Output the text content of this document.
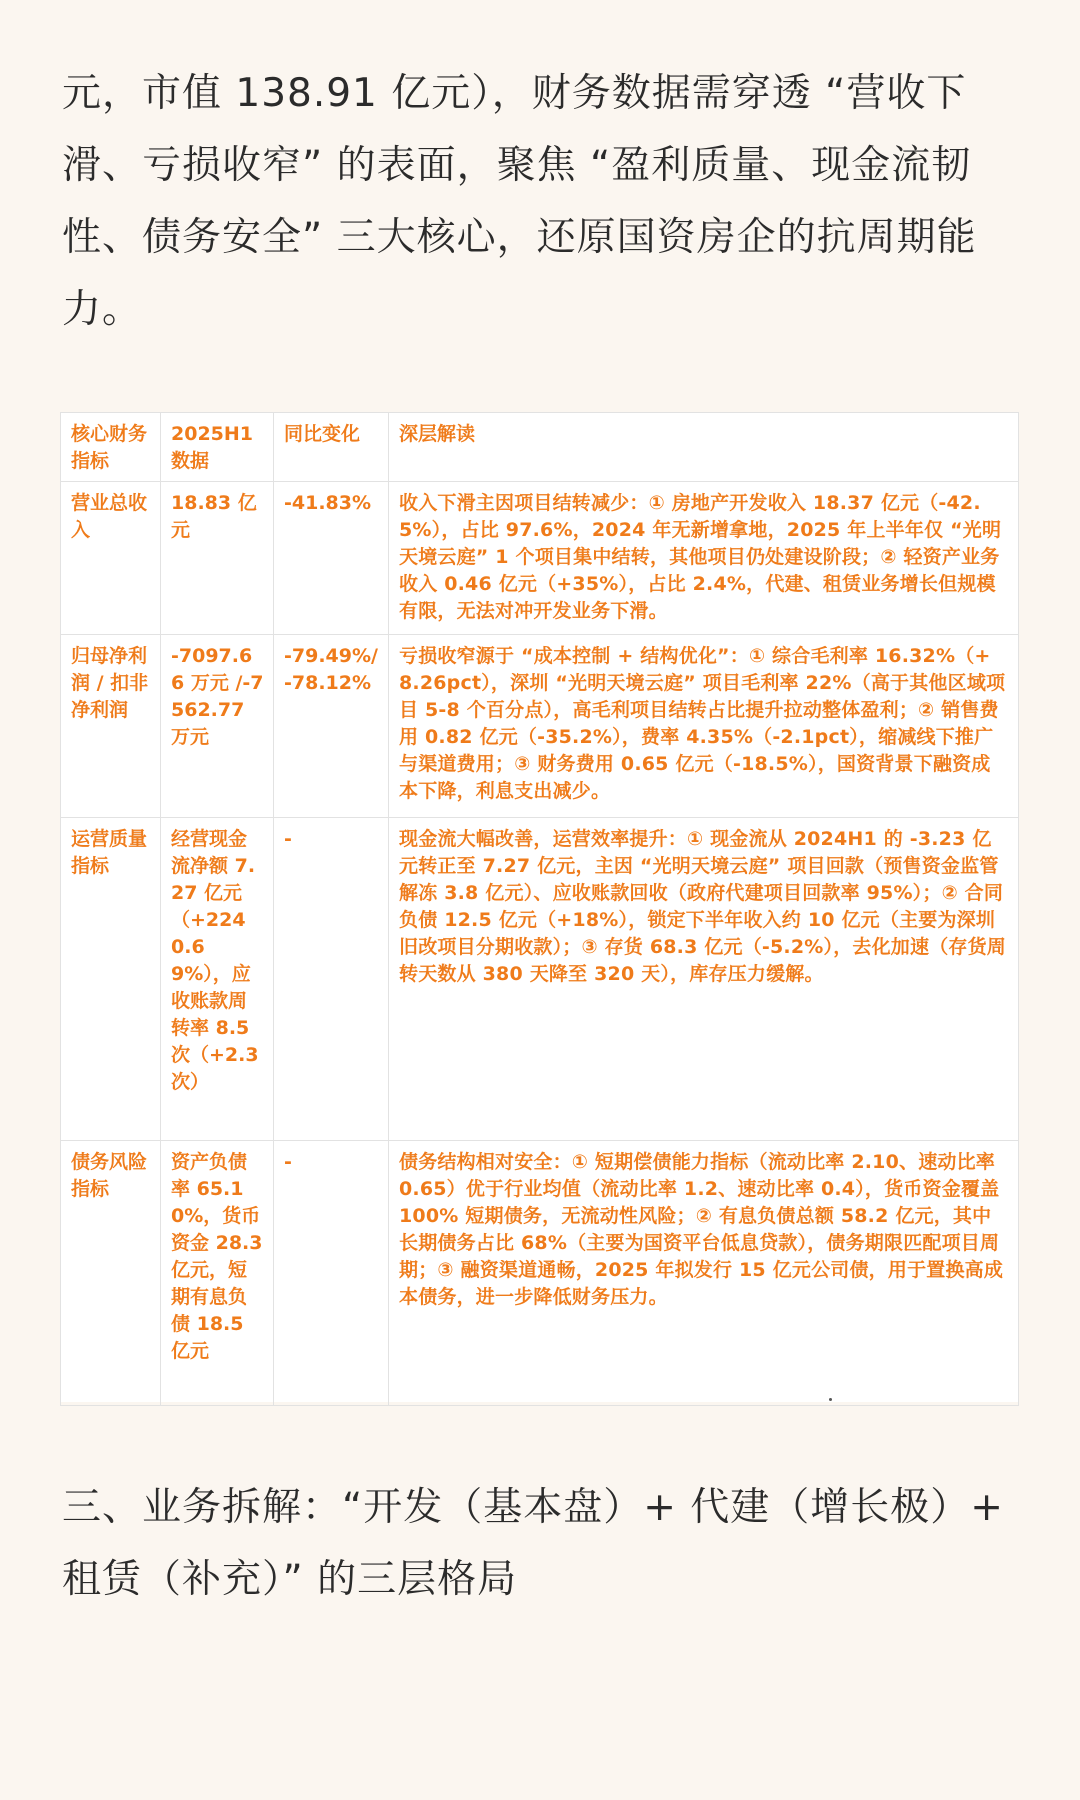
元，市值 138.91 亿元），财务数据需穿透 “营收下滑、亏损收窄” 的表面，聚焦 “盈利质量、现金流韧性、债务安全” 三大核心，还原国资房企的抗周期能力。

核心财务指标	2025H1 数据	同比变化	深层解读
营业总收入	18.83 亿元	-41.83%	收入下滑主因项目结转减少：① 房地产开发收入 18.37 亿元（-42.5%），占比 97.6%，2024 年无新增拿地，2025 年上半年仅 “光明天境云庭” 1 个项目集中结转，其他项目仍处建设阶段；② 轻资产业务收入 0.46 亿元（+35%），占比 2.4%，代建、租赁业务增长但规模有限，无法对冲开发业务下滑。
归母净利润 / 扣非净利润	-7097.66 万元 /-7562.77 万元	-79.49%/-78.12%	亏损收窄源于 “成本控制 + 结构优化”：① 综合毛利率 16.32%（+8.26pct），深圳 “光明天境云庭” 项目毛利率 22%（高于其他区域项目 5-8 个百分点），高毛利项目结转占比提升拉动整体盈利；② 销售费用 0.82 亿元（-35.2%），费率 4.35%（-2.1pct），缩减线下推广与渠道费用；③ 财务费用 0.65 亿元（-18.5%），国资背景下融资成本下降，利息支出减少。
运营质量指标	经营现金流净额 7.27 亿元（+2240.69%），应收账款周转率 8.5 次（+2.3 次）	-	现金流大幅改善，运营效率提升：① 现金流从 2024H1 的 -3.23 亿元转正至 7.27 亿元，主因 “光明天境云庭” 项目回款（预售资金监管解冻 3.8 亿元）、应收账款回收（政府代建项目回款率 95%）；② 合同负债 12.5 亿元（+18%），锁定下半年收入约 10 亿元（主要为深圳旧改项目分期收款）；③ 存货 68.3 亿元（-5.2%），去化加速（存货周转天数从 380 天降至 320 天），库存压力缓解。
债务风险指标	资产负债率 65.10%，货币资金 28.3 亿元，短期有息负债 18.5 亿元	-	债务结构相对安全：① 短期偿债能力指标（流动比率 2.10、速动比率 0.65）优于行业均值（流动比率 1.2、速动比率 0.4），货币资金覆盖 100% 短期债务，无流动性风险；② 有息负债总额 58.2 亿元，其中长期债务占比 68%（主要为国资平台低息贷款），债务期限匹配项目周期；③ 融资渠道通畅，2025 年拟发行 15 亿元公司债，用于置换高成本债务，进一步降低财务压力。

三、业务拆解：“开发（基本盘）+ 代建（增长极）+ 租赁（补充）” 的三层格局
